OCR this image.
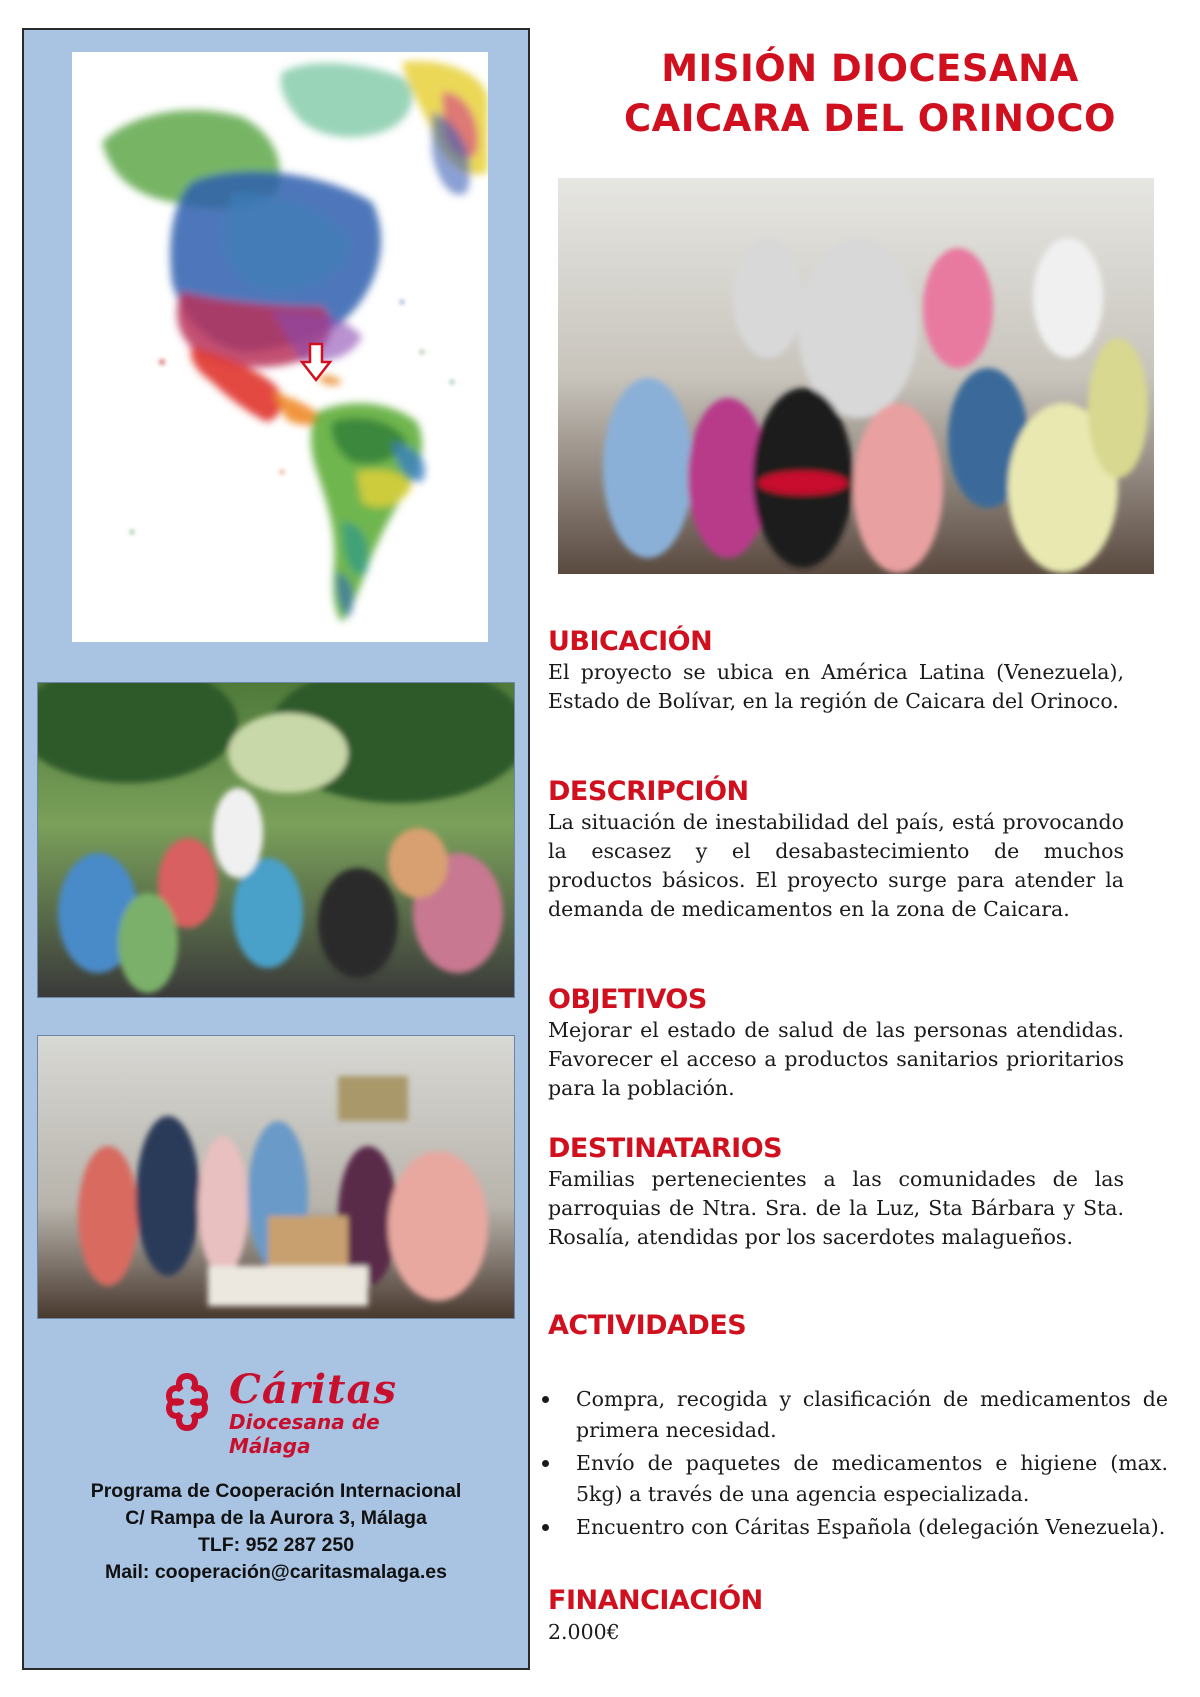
Cáritas
Diocesana de
Málaga
Programa de Cooperación Internacional
C/ Rampa de la Aurora 3, Málaga
TLF: 952 287 250
Mail: cooperación@caritasmalaga.es
MISIÓN DIOCESANA
CAICARA DEL ORINOCO
UBICACIÓN
El proyecto se ubica en América Latina (Venezuela), Estado de Bolívar, en la región de Caicara del Orinoco.
DESCRIPCIÓN
La situación de inestabilidad del país, está provocando la escasez y el desabastecimiento de muchos productos básicos. El proyecto surge para atender la demanda de medicamentos en la zona de Caicara.
OBJETIVOS
Mejorar el estado de salud de las personas atendidas. Favorecer el acceso a productos sanitarios prioritarios para la población.
DESTINATARIOS
Familias pertenecientes a las comunidades de las parroquias de Ntra. Sra. de la Luz, Sta Bárbara y Sta. Rosalía, atendidas por los sacerdotes malagueños.
ACTIVIDADES
Compra, recogida y clasificación de medicamentos de primera necesidad.
Envío de paquetes de medicamentos e higiene (max. 5kg) a través de una agencia especializada.
Encuentro con Cáritas Española (delegación Venezuela).
FINANCIACIÓN
2.000€
